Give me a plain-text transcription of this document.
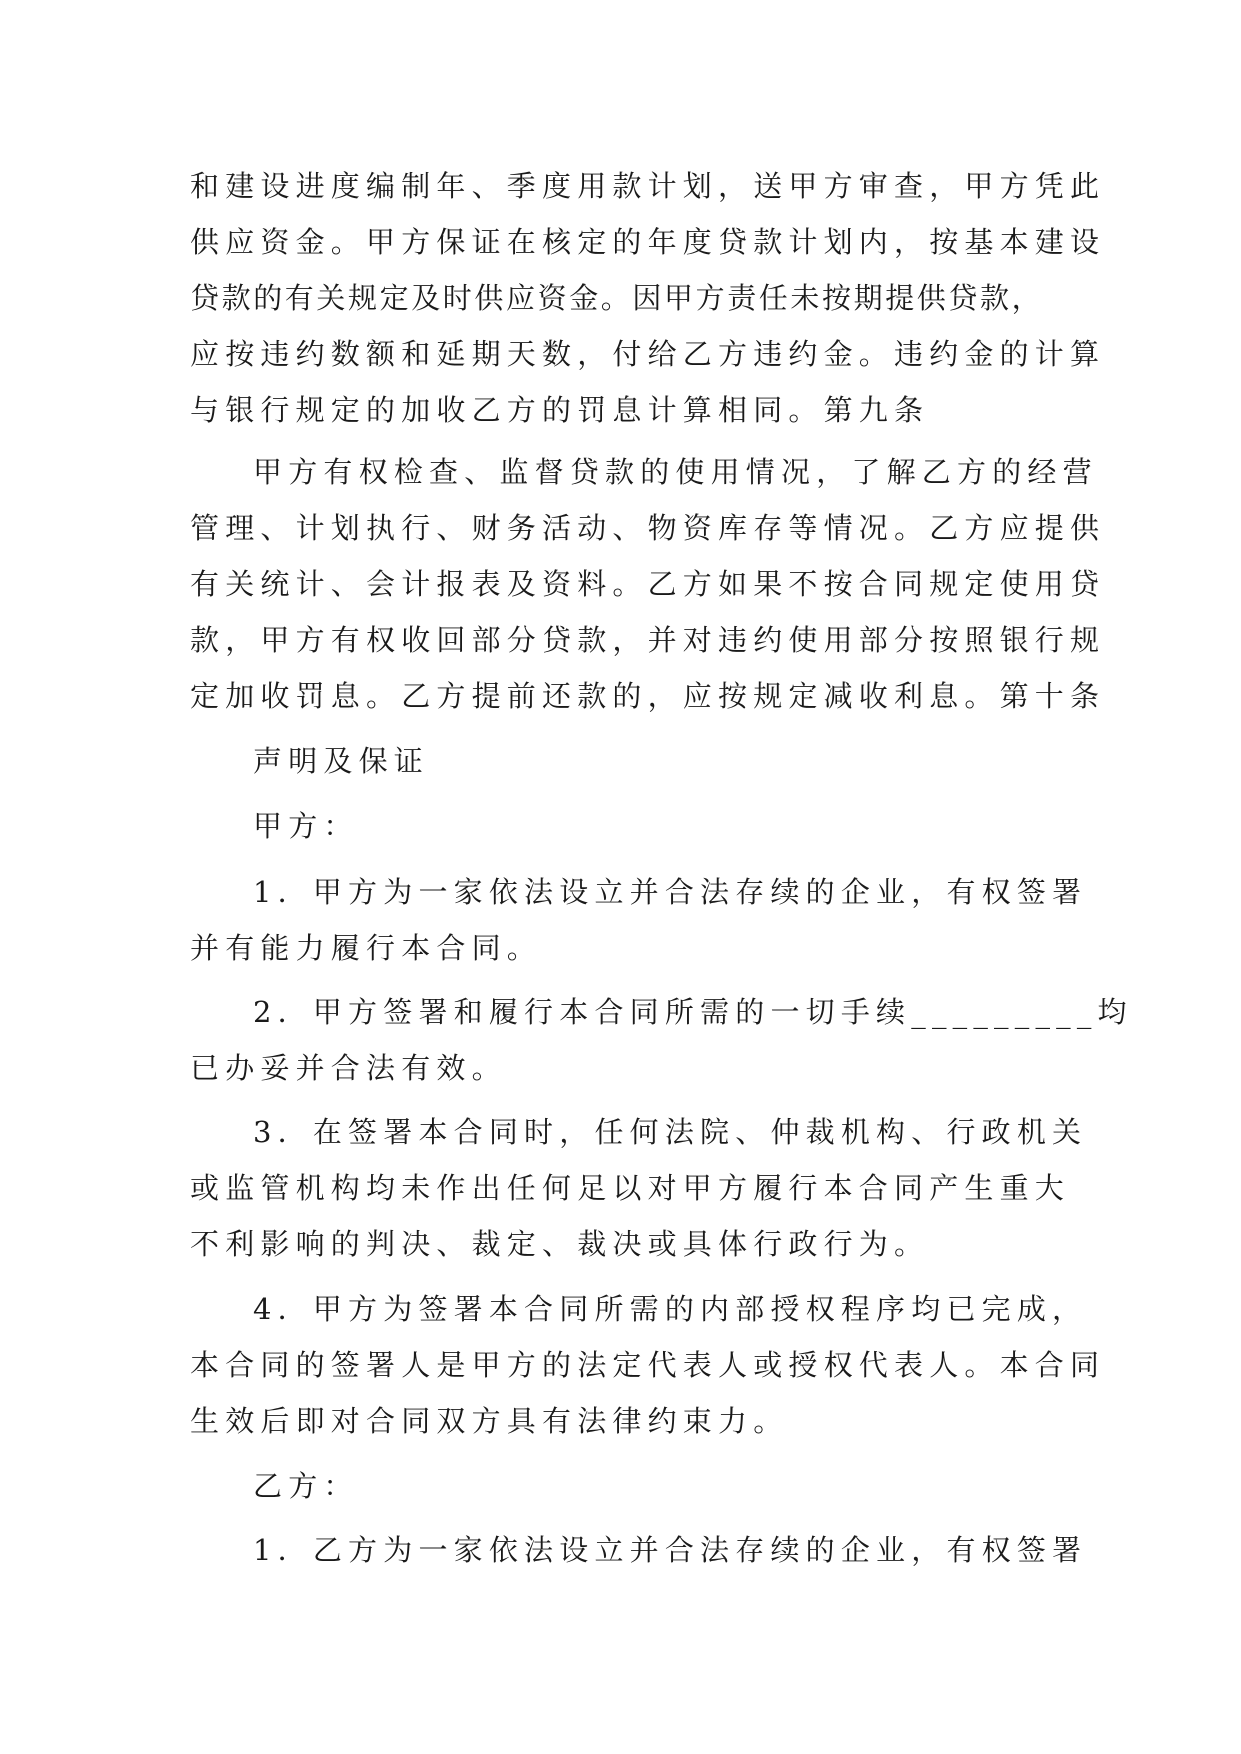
和建设进度编制年、季度用款计划，送甲方审查，甲方凭此
供应资金。甲方保证在核定的年度贷款计划内，按基本建设
贷款的有关规定及时供应资金。因甲方责任未按期提供贷款，
应按违约数额和延期天数，付给乙方违约金。违约金的计算
与银行规定的加收乙方的罚息计算相同。第九条
甲方有权检查、监督贷款的使用情况，了解乙方的经营
管理、计划执行、财务活动、物资库存等情况。乙方应提供
有关统计、会计报表及资料。乙方如果不按合同规定使用贷
款，甲方有权收回部分贷款，并对违约使用部分按照银行规
定加收罚息。乙方提前还款的，应按规定减收利息。第十条
声明及保证
甲方：
1．甲方为一家依法设立并合法存续的企业，有权签署
并有能力履行本合同。
2．甲方签署和履行本合同所需的一切手续_________均
已办妥并合法有效。
3．在签署本合同时，任何法院、仲裁机构、行政机关
或监管机构均未作出任何足以对甲方履行本合同产生重大
不利影响的判决、裁定、裁决或具体行政行为。
4．甲方为签署本合同所需的内部授权程序均已完成，
本合同的签署人是甲方的法定代表人或授权代表人。本合同
生效后即对合同双方具有法律约束力。
乙方：
1．乙方为一家依法设立并合法存续的企业，有权签署
